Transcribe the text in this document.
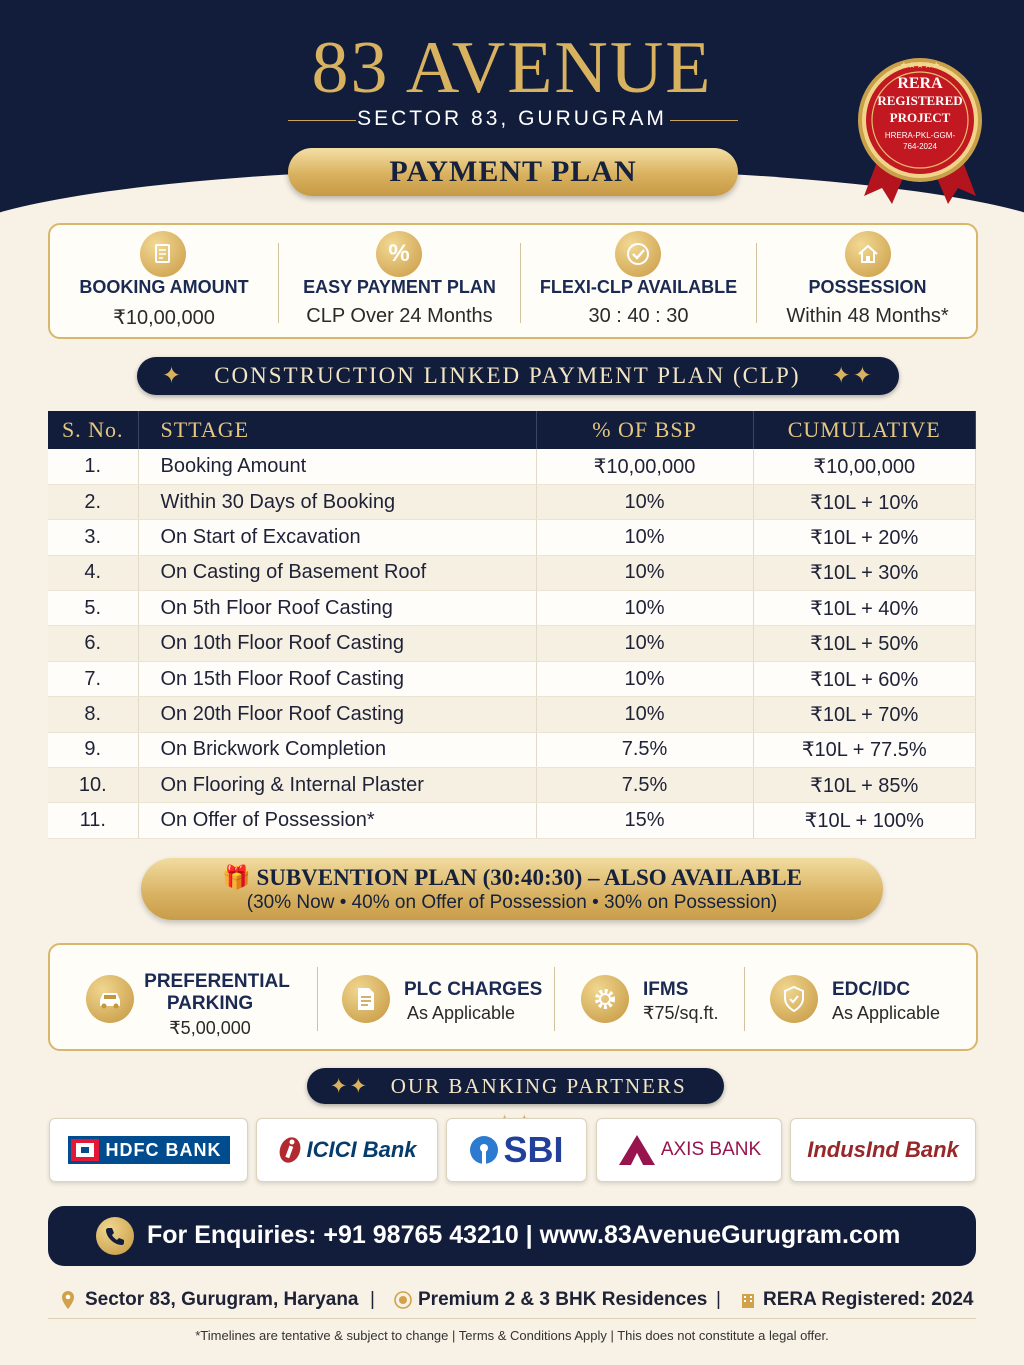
83 AVENUE
SECTOR 83, GURUGRAM
PAYMENT PLAN
★★★★★
RERA
REGISTERED
PROJECT
HRERA-PKL-GGM-
764-2024
BOOKING AMOUNT
₹10,00,000
%
EASY PAYMENT PLAN
CLP Over 24 Months
FLEXI-CLP AVAILABLE
30 : 40 : 30
POSSESSION
Within 48 Months*
✦ CONSTRUCTION LINKED PAYMENT PLAN (CLP) ✦✦
S. No.	STTAGE	% OF BSP	CUMULATIVE
1.	Booking Amount	₹10,00,000	₹10,00,000
2.	Within 30 Days of Booking	10%	₹10L + 10%
3.	On Start of Excavation	10%	₹10L + 20%
4.	On Casting of Basement Roof	10%	₹10L + 30%
5.	On 5th Floor Roof Casting	10%	₹10L + 40%
6.	On 10th Floor Roof Casting	10%	₹10L + 50%
7.	On 15th Floor Roof Casting	10%	₹10L + 60%
8.	On 20th Floor Roof Casting	10%	₹10L + 70%
9.	On Brickwork Completion	7.5%	₹10L + 77.5%
10.	On Flooring & Internal Plaster	7.5%	₹10L + 85%
11.	On Offer of Possession*	15%	₹10L + 100%
🎁 SUBVENTION PLAN (30:40:30) – ALSO AVAILABLE
(30% Now • 40% on Offer of Possession • 30% on Possession)
PREFERENTIAL
PARKING
₹5,00,000
PLC CHARGES
As Applicable
IFMS
₹75/sq.ft.
EDC/IDC
As Applicable
✦✦ OUR BANKING PARTNERS
HDFC BANK	ICICI Bank SBI	AXIS BANK IndusInd Bank
For Enquiries: +91 98765 43210 | www.83AvenueGurugram.com
Sector 83, Gurugram, Haryana | Premium 2 & 3 BHK Residences | RERA Registered: 2024
*Timelines are tentative & subject to change | Terms & Conditions Apply | This does not constitute a legal offer.
